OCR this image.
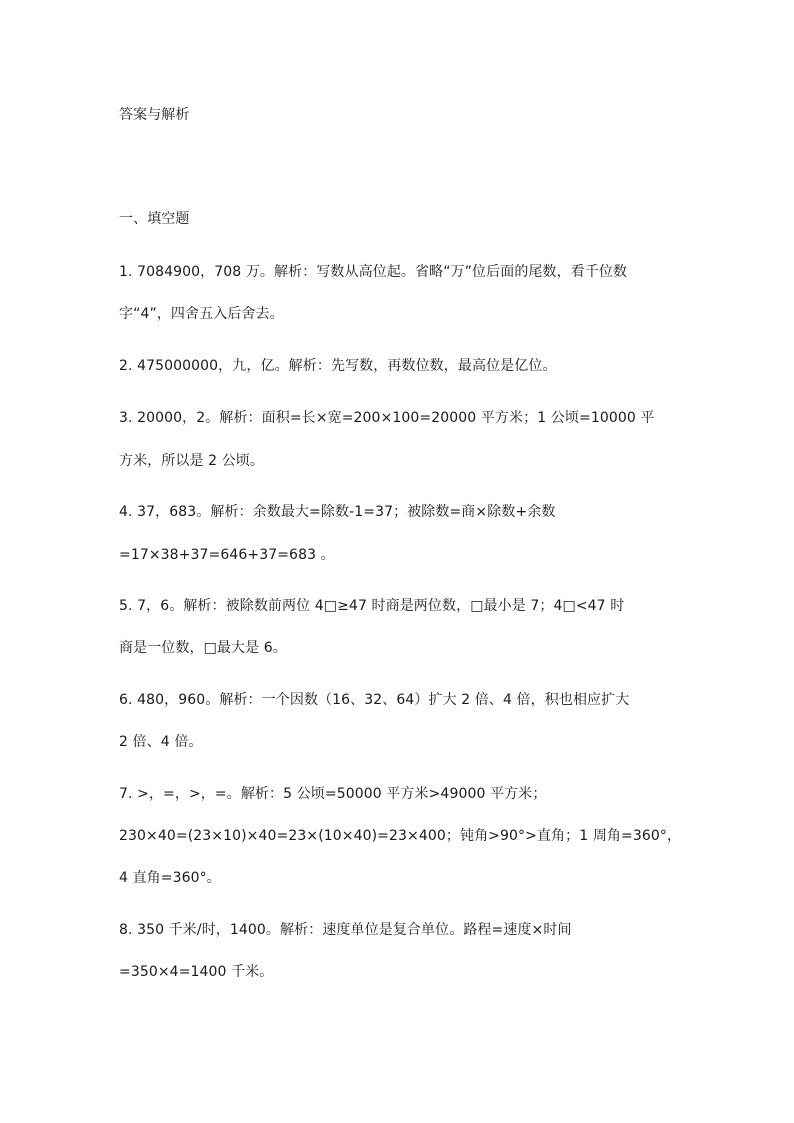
答案与解析
一、填空题
1. 7084900，708 万。解析：写数从高位起。省略“万”位后面的尾数，看千位数
字“4”，四舍五入后舍去。
2. 475000000，九，亿。解析：先写数，再数位数，最高位是亿位。
3. 20000，2。解析：面积=长×宽=200×100=20000 平方米；1 公顷=10000 平
方米，所以是 2 公顷。
4. 37，683。解析：余数最大=除数-1=37；被除数=商×除数+余数
=17×38+37=646+37=683 。
5. 7，6。解析：被除数前两位 4□≥47 时商是两位数，□最小是 7；4□<47 时
商是一位数，□最大是 6。
6. 480，960。解析：一个因数（16、32、64）扩大 2 倍、4 倍，积也相应扩大
2 倍、4 倍。
7. >，=，>，=。解析：5 公顷=50000 平方米>49000 平方米；
230×40=(23×10)×40=23×(10×40)=23×400；钝角>90°>直角；1 周角=360°，
4 直角=360°。
8. 350 千米/时，1400。解析：速度单位是复合单位。路程=速度×时间
=350×4=1400 千米。
